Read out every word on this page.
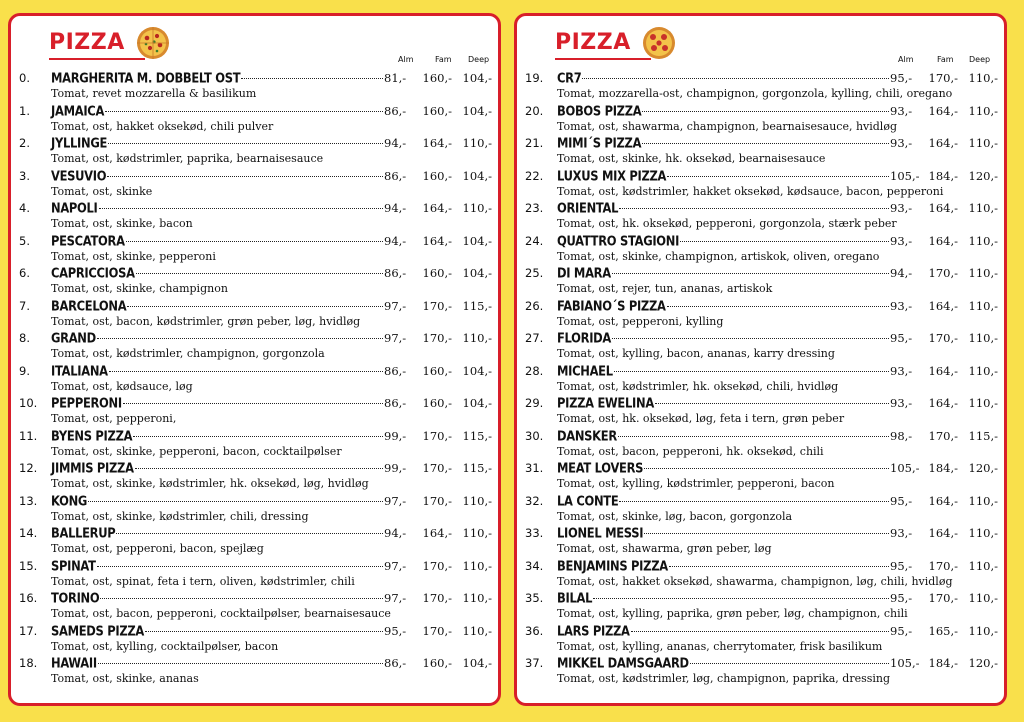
PIZZA
Alm	Fam Deep
0.	MARGHERITA M. DOBBELT OST	81,-	160,- 104,-
Tomat, revet mozzarella & basilikum
1.	JAMAICA	86,-	160,- 104,-
Tomat, ost, hakket oksekød, chili pulver
2.	JYLLINGE	94,-	164,- 110,-
Tomat, ost, kødstrimler, paprika, bearnaisesauce
3.	VESUVIO	86,-	160,- 104,-
Tomat, ost, skinke
4.	NAPOLI	94,-	164,- 110,-
Tomat, ost, skinke, bacon
5.	PESCATORA	94,-	164,- 104,-
Tomat, ost, skinke, pepperoni
6.	CAPRICCIOSA	86,-	160,- 104,-
Tomat, ost, skinke, champignon
7.	BARCELONA	97,-	170,- 115,-
Tomat, ost, bacon, kødstrimler, grøn peber, løg, hvidløg
8.	GRAND	97,-	170,- 110,-
Tomat, ost, kødstrimler, champignon, gorgonzola
9.	ITALIANA	86,-	160,- 104,-
Tomat, ost, kødsauce, løg
10.	PEPPERONI	86,-	160,- 104,-
Tomat, ost, pepperoni,
11.	BYENS PIZZA	99,-	170,- 115,-
Tomat, ost, skinke, pepperoni, bacon, cocktailpølser
12.	JIMMIS PIZZA	99,-	170,- 115,-
Tomat, ost, skinke, kødstrimler, hk. oksekød, løg, hvidløg
13.	KONG	97,-	170,- 110,-
Tomat, ost, skinke, kødstrimler, chili, dressing
14.	BALLERUP	94,-	164,- 110,-
Tomat, ost, pepperoni, bacon, spejlæg
15.	SPINAT	97,-	170,- 110,-
Tomat, ost, spinat, feta i tern, oliven, kødstrimler, chili
16.	TORINO	97,-	170,- 110,-
Tomat, ost, bacon, pepperoni, cocktailpølser, bearnaisesauce
17.	SAMEDS PIZZA	95,-	170,- 110,-
Tomat, ost, kylling, cocktailpølser, bacon
18.	HAWAII	86,-	160,- 104,-
Tomat, ost, skinke, ananas
PIZZA
Alm	Fam Deep
19.	CR7	95,-	170,- 110,-
Tomat, mozzarella-ost, champignon, gorgonzola, kylling, chili, oregano
20.	BOBOS PIZZA	93,-	164,- 110,-
Tomat, ost, shawarma, champignon, bearnaisesauce, hvidløg
21.	MIMI´S PIZZA	93,-	164,- 110,-
Tomat, ost, skinke, hk. oksekød, bearnaisesauce
22.	LUXUS MIX PIZZA	105,- 184,- 120,-
Tomat, ost, kødstrimler, hakket oksekød, kødsauce, bacon, pepperoni
23.	ORIENTAL	93,-	164,- 110,-
Tomat, ost, hk. oksekød, pepperoni, gorgonzola, stærk peber
24.	QUATTRO STAGIONI	93,-	164,- 110,-
Tomat, ost, skinke, champignon, artiskok, oliven, oregano
25.	DI MARA	94,-	170,- 110,-
Tomat, ost, rejer, tun, ananas, artiskok
26.	FABIANO´S PIZZA	93,-	164,- 110,-
Tomat, ost, pepperoni, kylling
27.	FLORIDA	95,-	170,- 110,-
Tomat, ost, kylling, bacon, ananas, karry dressing
28.	MICHAEL	93,-	164,- 110,-
Tomat, ost, kødstrimler, hk. oksekød, chili, hvidløg
29.	PIZZA EWELINA	93,-	164,- 110,-
Tomat, ost, hk. oksekød, løg, feta i tern, grøn peber
30.	DANSKER	98,-	170,- 115,-
Tomat, ost, bacon, pepperoni, hk. oksekød, chili
31.	MEAT LOVERS	105,- 184,- 120,-
Tomat, ost, kylling, kødstrimler, pepperoni, bacon
32.	LA CONTE	95,-	164,- 110,-
Tomat, ost, skinke, løg, bacon, gorgonzola
33.	LIONEL MESSI	93,-	164,- 110,-
Tomat, ost, shawarma, grøn peber, løg
34.	BENJAMINS PIZZA	95,-	170,- 110,-
Tomat, ost, hakket oksekød, shawarma, champignon, løg, chili, hvidløg
35.	BILAL	95,-	170,- 110,-
Tomat, ost, kylling, paprika, grøn peber, løg, champignon, chili
36.	LARS PIZZA	95,-	165,- 110,-
Tomat, ost, kylling, ananas, cherrytomater, frisk basilikum
37.	MIKKEL DAMSGAARD	105,- 184,- 120,-
Tomat, ost, kødstrimler, løg, champignon, paprika, dressing
